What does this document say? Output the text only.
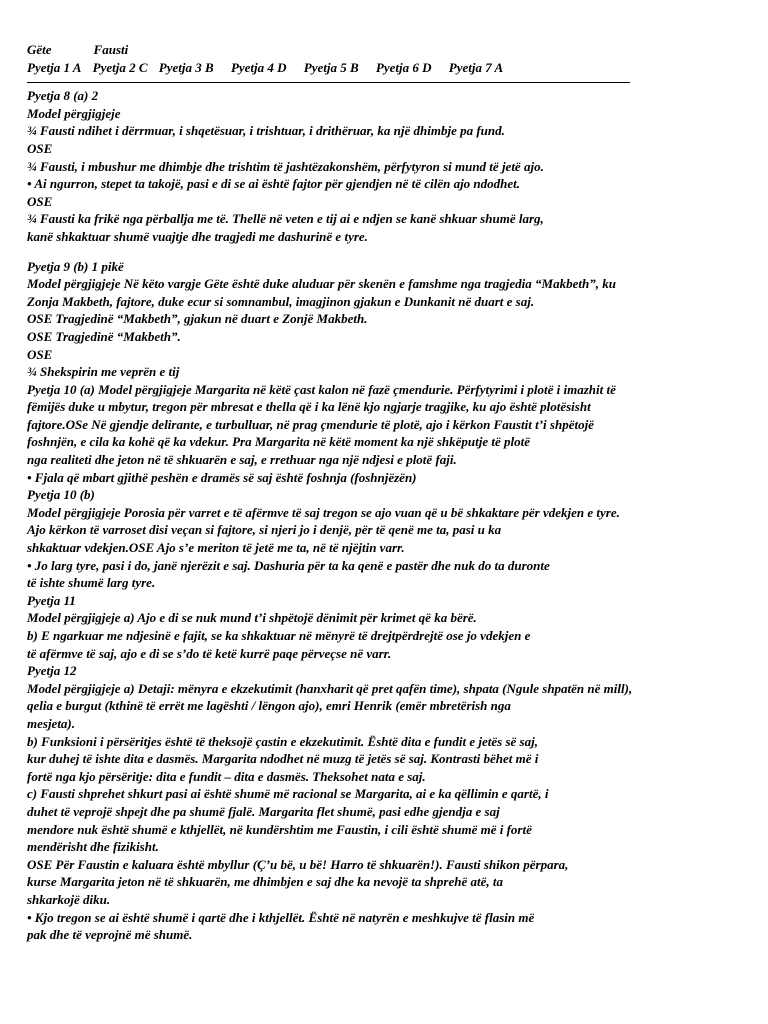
Gëte	Fausti
Pyetja 1 A Pyetja 2 C Pyetja 3 B Pyetja 4 D Pyetja 5 B Pyetja 6 D Pyetja 7 A
Pyetja 8 (a) 2
Model përgjigjeje
¾ Fausti ndihet i dërrmuar, i shqetësuar, i trishtuar, i drithëruar, ka një dhimbje pa fund.
OSE
¾ Fausti, i mbushur me dhimbje dhe trishtim të jashtëzakonshëm, përfytyron si mund të jetë ajo.
• Ai ngurron, stepet ta takojë, pasi e di se ai është fajtor për gjendjen në të cilën ajo ndodhet.
OSE
¾ Fausti ka frikë nga përballja me të. Thellë në veten e tij ai e ndjen se kanë shkuar shumë larg,
kanë shkaktuar shumë vuajtje dhe tragjedi me dashurinë e tyre.
Pyetja 9 (b) 1 pikë
Model përgjigjeje Në këto vargje Gëte është duke aluduar për skenën e famshme nga tragjedia “Makbeth”, ku
Zonja Makbeth, fajtore, duke ecur si somnambul, imagjinon gjakun e Dunkanit në duart e saj.
OSE Tragjedinë “Makbeth”, gjakun në duart e Zonjë Makbeth.
OSE Tragjedinë “Makbeth”.
OSE
¾ Shekspirin me veprën e tij
Pyetja 10 (a) Model përgjigjeje Margarita në këtë çast kalon në fazë çmendurie. Përfytyrimi i plotë i imazhit të
fëmijës duke u mbytur, tregon për mbresat e thella që i ka lënë kjo ngjarje tragjike, ku ajo është plotësisht
fajtore.OSe Në gjendje delirante, e turbulluar, në prag çmendurie të plotë, ajo i kërkon Faustit t’i shpëtojë
foshnjën, e cila ka kohë që ka vdekur. Pra Margarita në këtë moment ka një shkëputje të plotë
nga realiteti dhe jeton në të shkuarën e saj, e rrethuar nga një ndjesi e plotë faji.
• Fjala që mbart gjithë peshën e dramës së saj është foshnja (foshnjëzën)
Pyetja 10 (b)
Model përgjigjeje Porosia për varret e të afërmve të saj tregon se ajo vuan që u bë shkaktare për vdekjen e tyre.
Ajo kërkon të varroset disi veçan si fajtore, si njeri jo i denjë, për të qenë me ta, pasi u ka
shkaktuar vdekjen.OSE Ajo s’e meriton të jetë me ta, në të njëjtin varr.
• Jo larg tyre, pasi i do, janë njerëzit e saj. Dashuria për ta ka qenë e pastër dhe nuk do ta duronte
të ishte shumë larg tyre.
Pyetja 11
Model përgjigjeje a) Ajo e di se nuk mund t’i shpëtojë dënimit për krimet që ka bërë.
b) E ngarkuar me ndjesinë e fajit, se ka shkaktuar në mënyrë të drejtpërdrejtë ose jo vdekjen e
të afërmve të saj, ajo e di se s’do të ketë kurrë paqe përveçse në varr.
Pyetja 12
Model përgjigjeje a) Detaji: mënyra e ekzekutimit (hanxharit që pret qafën time), shpata (Ngule shpatën në mill),
qelia e burgut (kthinë të errët me lagështi / lëngon ajo), emri Henrik (emër mbretërish nga
mesjeta).
b) Funksioni i përsëritjes është të theksojë çastin e ekzekutimit. Është dita e fundit e jetës së saj,
kur duhej të ishte dita e dasmës. Margarita ndodhet në muzg të jetës së saj. Kontrasti bëhet më i
fortë nga kjo përsëritje: dita e fundit – dita e dasmës. Theksohet nata e saj.
c) Fausti shprehet shkurt pasi ai është shumë më racional se Margarita, ai e ka qëllimin e qartë, i
duhet të veprojë shpejt dhe pa shumë fjalë. Margarita flet shumë, pasi edhe gjendja e saj
mendore nuk është shumë e kthjellët, në kundërshtim me Faustin, i cili është shumë më i fortë
mendërisht dhe fizikisht.
OSE Për Faustin e kaluara është mbyllur (Ç’u bë, u bë! Harro të shkuarën!). Fausti shikon përpara,
kurse Margarita jeton në të shkuarën, me dhimbjen e saj dhe ka nevojë ta shprehë atë, ta
shkarkojë diku.
• Kjo tregon se ai është shumë i qartë dhe i kthjellët. Është në natyrën e meshkujve të flasin më
pak dhe të veprojnë më shumë.
